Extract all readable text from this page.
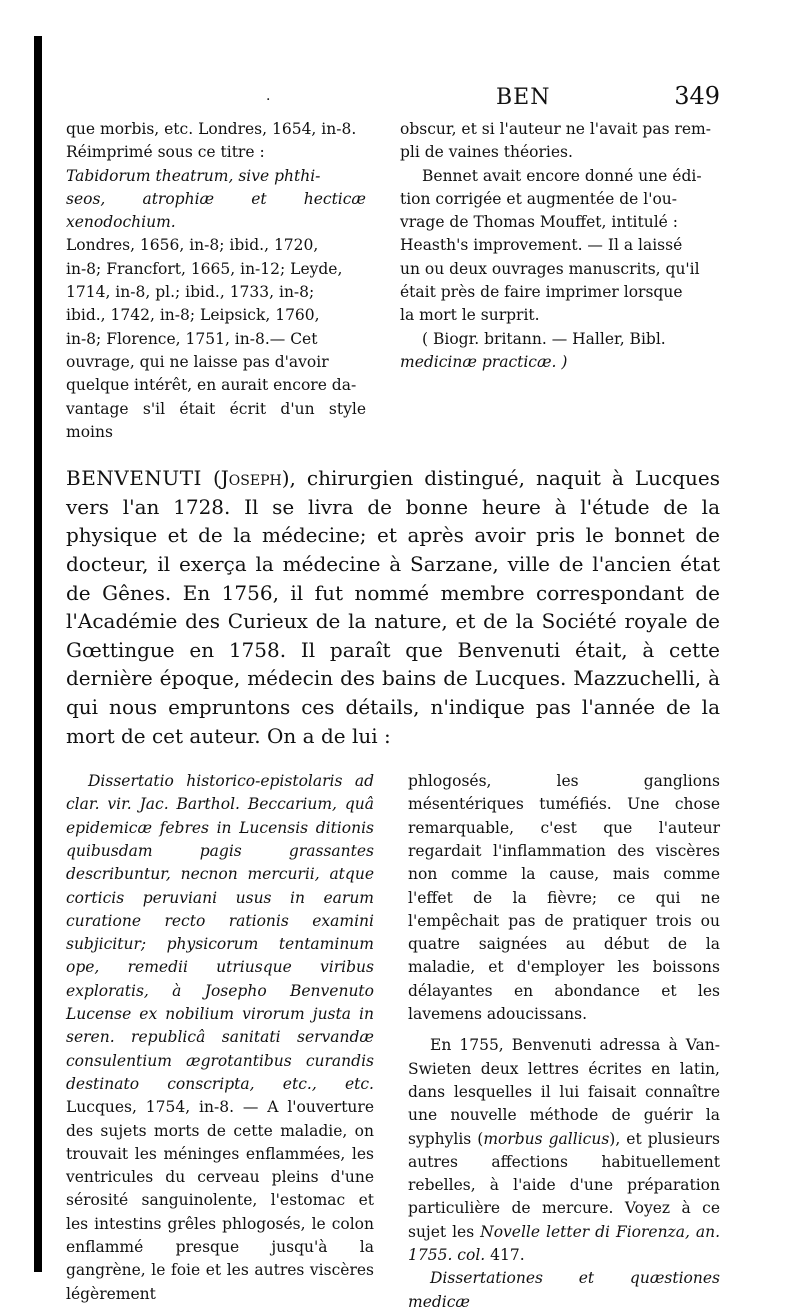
·	BEN	349
que morbis, etc. Londres, 1654, in-8.
Réimprimé sous ce titre :
Tabidorum theatrum, sive phthi-
seos, atrophiæ et hecticæ xenodochium.
Londres, 1656, in-8; ibid., 1720,
in-8; Francfort, 1665, in-12; Leyde,
1714, in-8, pl.; ibid., 1733, in-8;
ibid., 1742, in-8; Leipsick, 1760,
in-8; Florence, 1751, in-8.— Cet
ouvrage, qui ne laisse pas d'avoir
quelque intérêt, en aurait encore da-
vantage s'il était écrit d'un style moins
obscur, et si l'auteur ne l'avait pas rem-
pli de vaines théories.
Bennet avait encore donné une édi-
tion corrigée et augmentée de l'ou-
vrage de Thomas Mouffet, intitulé :
Heasth's improvement. — Il a laissé
un ou deux ouvrages manuscrits, qu'il
était près de faire imprimer lorsque
la mort le surprit.
( Biogr. britann. — Haller, Bibl.
medicinæ practicæ. )

BENVENUTI (Joseph), chirurgien distingué, naquit à Lucques vers l'an 1728. Il se livra de bonne heure à l'étude de la physique et de la médecine; et après avoir pris le bonnet de docteur, il exerça la médecine à Sarzane, ville de l'ancien état de Gênes. En 1756, il fut nommé membre correspondant de l'Académie des Curieux de la nature, et de la Société royale de Gœttingue en 1758. Il paraît que Benvenuti était, à cette dernière époque, médecin des bains de Lucques. Mazzuchelli, à qui nous empruntons ces détails, n'indique pas l'année de la mort de cet auteur. On a de lui :

Dissertatio historico-epistolaris ad clar. vir. Jac. Barthol. Beccarium, quâ epidemicæ febres in Lucensis ditionis quibusdam pagis grassantes describuntur, necnon mercurii, atque corticis peruviani usus in earum curatione recto rationis examini subjicitur; physicorum tentaminum ope, remedii utriusque viribus exploratis, à Josepho Benvenuto Lucense ex nobilium virorum justa in seren. republicâ sanitati servandæ consulentium ægrotantibus curandis destinato conscripta, etc., etc. Lucques, 1754, in-8. — A l'ouverture des sujets morts de cette maladie, on trouvait les méninges enflammées, les ventricules du cerveau pleins d'une sérosité sanguinolente, l'estomac et les intestins grêles phlogosés, le colon enflammé presque jusqu'à la gangrène, le foie et les autres viscères légèrement

phlogosés, les ganglions mésentériques tuméfiés. Une chose remarquable, c'est que l'auteur regardait l'inflammation des viscères non comme la cause, mais comme l'effet de la fièvre; ce qui ne l'empêchait pas de pratiquer trois ou quatre saignées au début de la maladie, et d'employer les boissons délayantes en abondance et les lavemens adoucissans.

En 1755, Benvenuti adressa à Van-Swieten deux lettres écrites en latin, dans lesquelles il lui faisait connaître une nouvelle méthode de guérir la syphylis (morbus gallicus), et plusieurs autres affections habituellement rebelles, à l'aide d'une préparation particulière de mercure. Voyez à ce sujet les Novelle letter di Fiorenza, an. 1755. col. 417.

Dissertationes et quæstiones medicæ
